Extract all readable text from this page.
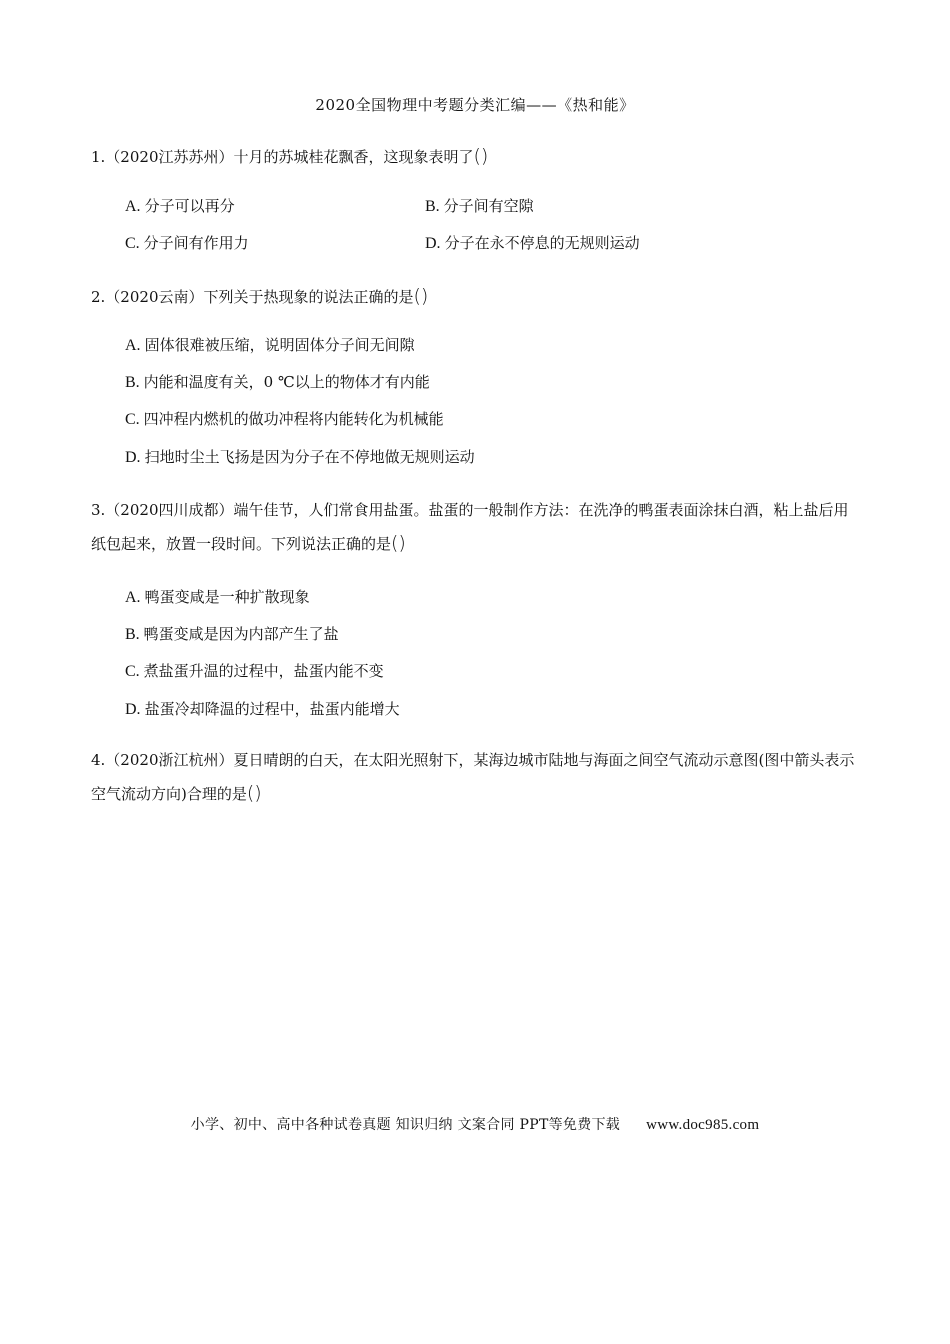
2020全国物理中考题分类汇编——《热和能》
1.（2020江苏苏州）十月的苏城桂花飘香，这现象表明了()
A. 分子可以再分	B. 分子间有空隙
C. 分子间有作用力	D. 分子在永不停息的无规则运动
2.（2020云南）下列关于热现象的说法正确的是()
A. 固体很难被压缩，说明固体分子间无间隙
B. 内能和温度有关，0 ℃以上的物体才有内能
C. 四冲程内燃机的做功冲程将内能转化为机械能
D. 扫地时尘土飞扬是因为分子在不停地做无规则运动
3.（2020四川成都）端午佳节，人们常食用盐蛋。盐蛋的一般制作方法：在洗净的鸭蛋表面涂抹白酒，粘上盐后用纸包起来，放置一段时间。下列说法正确的是()
A. 鸭蛋变咸是一种扩散现象
B. 鸭蛋变咸是因为内部产生了盐
C. 煮盐蛋升温的过程中，盐蛋内能不变
D. 盐蛋冷却降温的过程中，盐蛋内能增大
4.（2020浙江杭州）夏日晴朗的白天，在太阳光照射下，某海边城市陆地与海面之间空气流动示意图(图中箭头表示空气流动方向)合理的是()
小学、初中、高中各种试卷真题 知识归纳 文案合同 PPT等免费下载 www.doc985.com
